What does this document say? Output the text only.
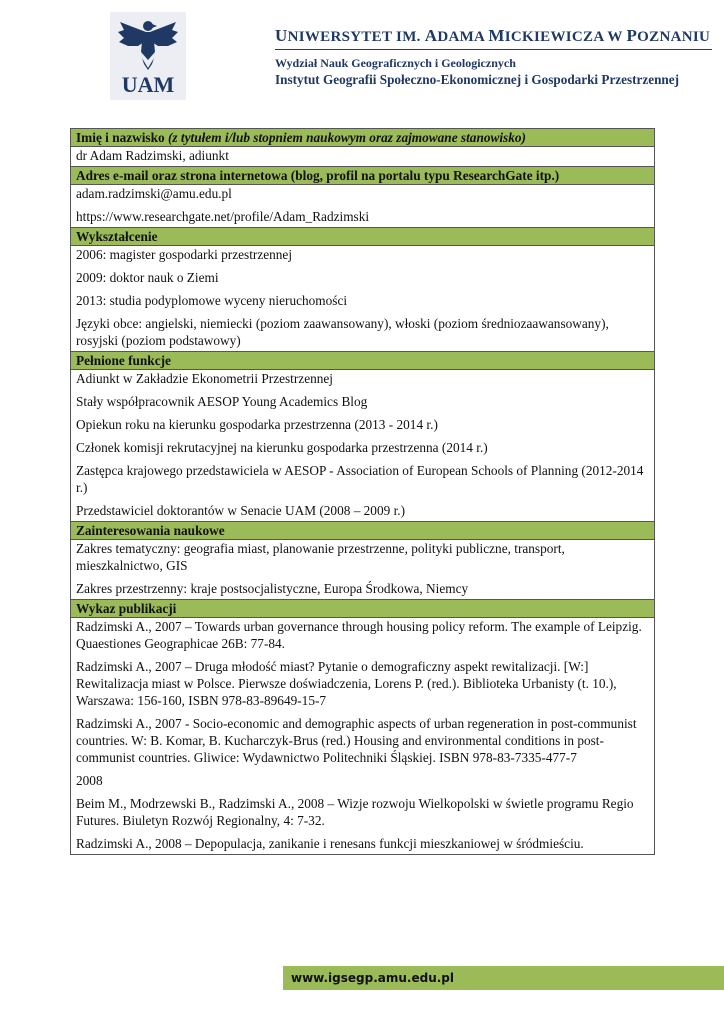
UAM
UNIWERSYTET IM. ADAMA MICKIEWICZA W POZNANIU
Wydział Nauk Geograficznych i Geologicznych
Instytut Geografii Społeczno-Ekonomicznej i Gospodarki Przestrzennej
Imię i nazwisko (z tytułem i/lub stopniem naukowym oraz zajmowane stanowisko)

dr Adam Radzimski, adiunkt

Adres e-mail oraz strona internetowa (blog, profil na portalu typu ResearchGate itp.)

adam.radzimski@amu.edu.pl

https://www.researchgate.net/profile/Adam_Radzimski

Wykształcenie

2006: magister gospodarki przestrzennej

2009: doktor nauk o Ziemi

2013: studia podyplomowe wyceny nieruchomości

Języki obce: angielski, niemiecki (poziom zaawansowany), włoski (poziom średniozaawansowany), rosyjski (poziom podstawowy)

Pełnione funkcje

Adiunkt w Zakładzie Ekonometrii Przestrzennej

Stały współpracownik AESOP Young Academics Blog

Opiekun roku na kierunku gospodarka przestrzenna (2013 - 2014 r.)

Członek komisji rekrutacyjnej na kierunku gospodarka przestrzenna (2014 r.)

Zastępca krajowego przedstawiciela w AESOP - Association of European Schools of Planning (2012-2014 r.)

Przedstawiciel doktorantów w Senacie UAM (2008 – 2009 r.)

Zainteresowania naukowe

Zakres tematyczny: geografia miast, planowanie przestrzenne, polityki publiczne, transport, mieszkalnictwo, GIS

Zakres przestrzenny: kraje postsocjalistyczne, Europa Środkowa, Niemcy

Wykaz publikacji

Radzimski A., 2007 – Towards urban governance through housing policy reform. The example of Leipzig. Quaestiones Geographicae 26B: 77-84.

Radzimski A., 2007 – Druga młodość miast? Pytanie o demograficzny aspekt rewitalizacji. [W:] Rewitalizacja miast w Polsce. Pierwsze doświadczenia, Lorens P. (red.). Biblioteka Urbanisty (t. 10.), Warszawa: 156-160, ISBN 978-83-89649-15-7

Radzimski A., 2007 - Socio-economic and demographic aspects of urban regeneration in post-communist countries. W: B. Komar, B. Kucharczyk-Brus (red.) Housing and environmental conditions in post-communist countries. Gliwice: Wydawnictwo Politechniki Śląskiej. ISBN 978-83-7335-477-7

2008

Beim M., Modrzewski B., Radzimski A., 2008 – Wizje rozwoju Wielkopolski w świetle programu Regio Futures. Biuletyn Rozwój Regionalny, 4: 7-32.

Radzimski A., 2008 – Depopulacja, zanikanie i renesans funkcji mieszkaniowej w śródmieściu.

www.igsegp.amu.edu.pl
